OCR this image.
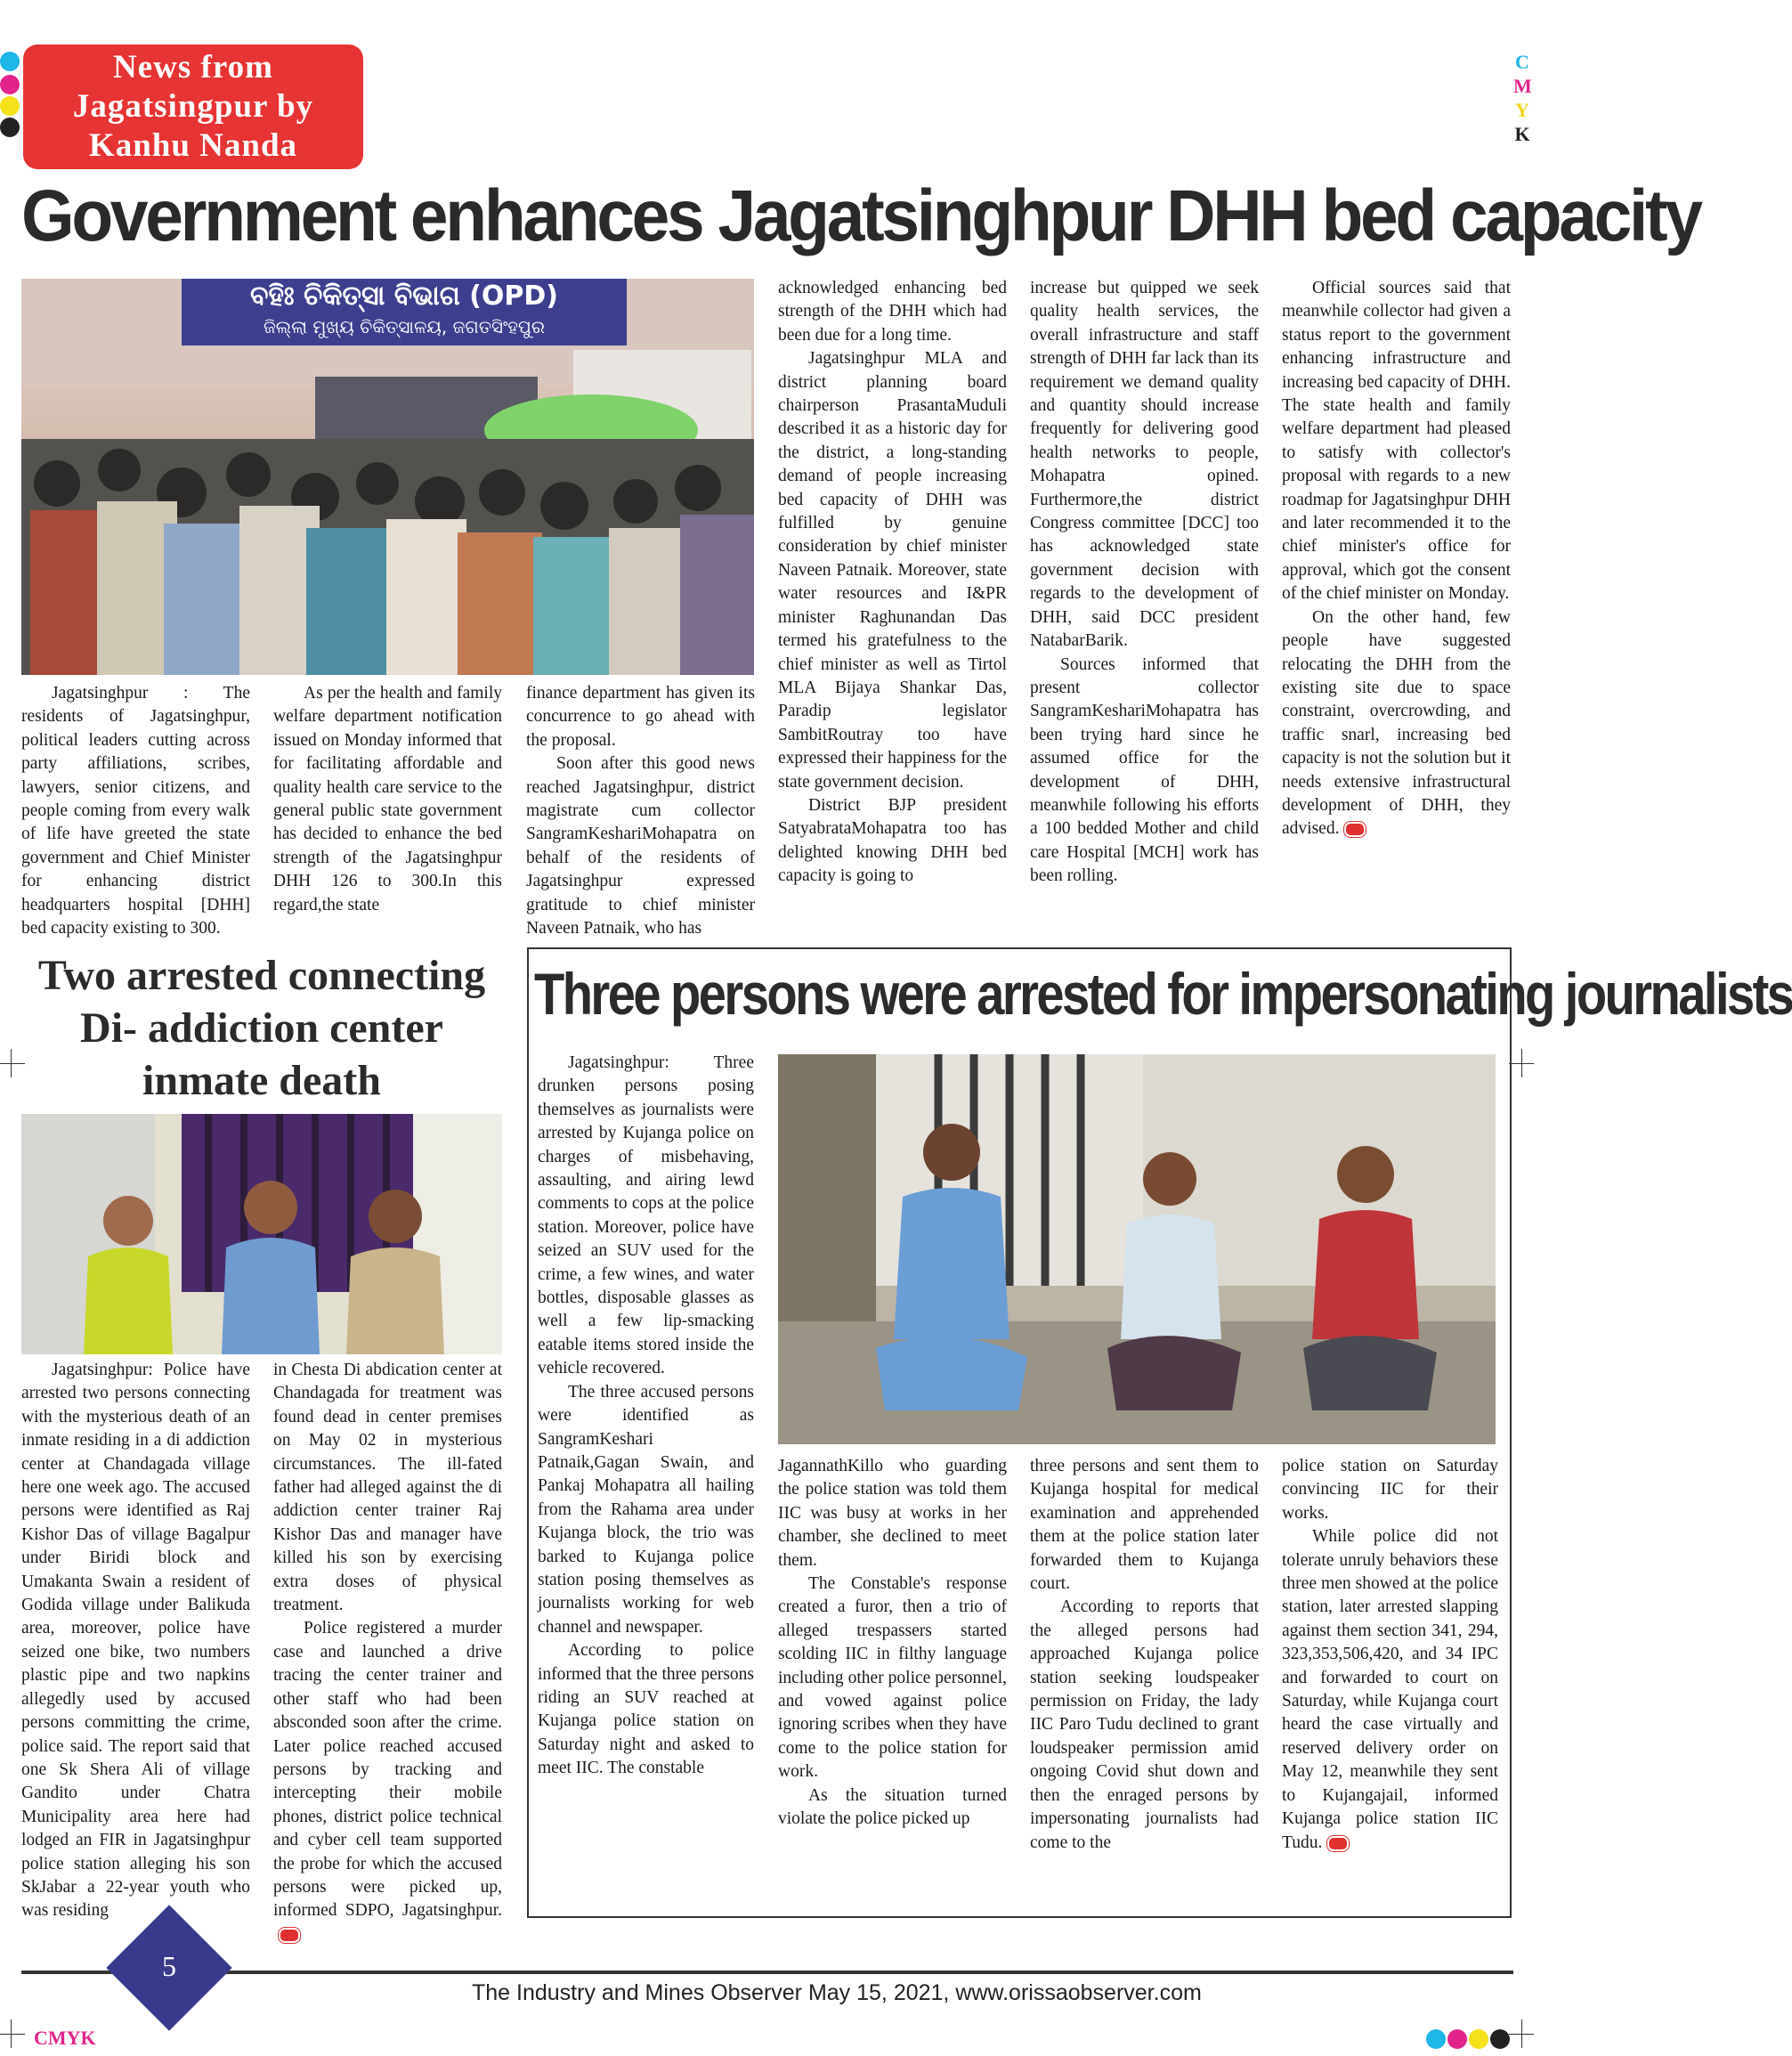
C
M
Y
K
News from
Jagatsingpur by
Kanhu Nanda
Government enhances Jagatsinghpur DHH bed capacity
ବହିଃ ଚିକିତ୍ସା ବିଭାଗ (OPD)
ଜିଲ୍ଲା ମୁଖ୍ୟ ଚିକିତ୍ସାଳୟ, ଜଗତସିଂହପୁର

Jagatsinghpur : The residents of Jagatsinghpur, political leaders cutting across party affiliations, scribes, lawyers, senior citizens, and people coming from every walk of life have greeted the state government and Chief Minister for enhancing district headquarters hospital [DHH] bed capacity existing to 300.

As per the health and family welfare department notification issued on Monday informed that for facilitating affordable and quality health care service to the general public state government has decided to enhance the bed strength of the Jagatsinghpur DHH 126 to 300.In this regard,the state

finance department has given its concurrence to go ahead with the proposal.

Soon after this good news reached Jagatsinghpur, district magistrate cum collector SangramKeshariMohapatra on behalf of the residents of Jagatsinghpur expressed gratitude to chief minister Naveen Patnaik, who has

acknowledged enhancing bed strength of the DHH which had been due for a long time.

Jagatsinghpur MLA and district planning board chairperson PrasantaMuduli described it as a historic day for the district, a long-standing demand of people increasing bed capacity of DHH was fulfilled by genuine consideration by chief minister Naveen Patnaik. Moreover, state water resources and I&PR minister Raghunandan Das termed his gratefulness to the chief minister as well as Tirtol MLA Bijaya Shankar Das, Paradip legislator SambitRoutray too have expressed their happiness for the state government decision.

District BJP president SatyabrataMohapatra too has delighted knowing DHH bed capacity is going to

increase but quipped we seek quality health services, the overall infrastructure and staff strength of DHH far lack than its requirement we demand quality and quantity should increase frequently for delivering good health networks to people, Mohapatra opined. Furthermore,the district Congress committee [DCC] too has acknowledged state government decision with regards to the development of DHH, said DCC president NatabarBarik.

Sources informed that present collector SangramKeshariMohapatra has been trying hard since he assumed office for the development of DHH, meanwhile following his efforts a 100 bedded Mother and child care Hospital [MCH] work has been rolling.

Official sources said that meanwhile collector had given a status report to the government enhancing infrastructure and increasing bed capacity of DHH. The state health and family welfare department had pleased to satisfy with collector's proposal with regards to a new roadmap for Jagatsinghpur DHH and later recommended it to the chief minister's office for approval, which got the consent of the chief minister on Monday.

On the other hand, few people have suggested relocating the DHH from the existing site due to space constraint, overcrowding, and traffic snarl, increasing bed capacity is not the solution but it needs extensive infrastructural development of DHH, they advised.

Two arrested connecting
Di- addiction center
inmate death

Jagatsinghpur: Police have arrested two persons connecting with the mysterious death of an inmate residing in a di addiction center at Chandagada village here one week ago. The accused persons were identified as Raj Kishor Das of village Bagalpur under Biridi block and Umakanta Swain a resident of Godida village under Balikuda area, moreover, police have seized one bike, two numbers plastic pipe and two napkins allegedly used by accused persons committing the crime, police said. The report said that one Sk Shera Ali of village Gandito under Chatra Municipality area here had lodged an FIR in Jagatsinghpur police station alleging his son SkJabar a 22-year youth who was residing

in Chesta Di abdication center at Chandagada for treatment was found dead in center premises on May 02 in mysterious circumstances. The ill-fated father had alleged against the di addiction center trainer Raj Kishor Das and manager have killed his son by exercising extra doses of physical treatment.

Police registered a murder case and launched a drive tracing the center trainer and other staff who had been absconded soon after the crime. Later police reached accused persons by tracking and intercepting their mobile phones, district police technical and cyber cell team supported the probe for which the accused persons were picked up, informed SDPO, Jagatsinghpur.

Three persons were arrested for impersonating journalists

Jagatsinghpur: Three drunken persons posing themselves as journalists were arrested by Kujanga police on charges of misbehaving, assaulting, and airing lewd comments to cops at the police station. Moreover, police have seized an SUV used for the crime, a few wines, and water bottles, disposable glasses as well a few lip-smacking eatable items stored inside the vehicle recovered.

The three accused persons were identified as SangramKeshari Patnaik,Gagan Swain, and Pankaj Mohapatra all hailing from the Rahama area under Kujanga block, the trio was barked to Kujanga police station posing themselves as journalists working for web channel and newspaper.

According to police informed that the three persons riding an SUV reached at Kujanga police station on Saturday night and asked to meet IIC. The constable

JagannathKillo who guarding the police station was told them IIC was busy at works in her chamber, she declined to meet them.

The Constable's response created a furor, then a trio of alleged trespassers started scolding IIC in filthy language including other police personnel, and vowed against police ignoring scribes when they have come to the police station for work.

As the situation turned violate the police picked up

three persons and sent them to Kujanga hospital for medical examination and apprehended them at the police station later forwarded them to Kujanga court.

According to reports that the alleged persons had approached Kujanga police station seeking loudspeaker permission on Friday, the lady IIC Paro Tudu declined to grant loudspeaker permission amid ongoing Covid shut down and then the enraged persons by impersonating journalists had come to the

police station on Saturday convincing IIC for their works.

While police did not tolerate unruly behaviors these three men showed at the police station, later arrested slapping against them section 341, 294, 323,353,506,420, and 34 IPC and forwarded to court on Saturday, while Kujanga court heard the case virtually and reserved delivery order on May 12, meanwhile they sent to Kujangajail, informed Kujanga police station IIC Tudu.

5
The Industry and Mines Observer May 15, 2021, www.orissaobserver.com
CMYK
